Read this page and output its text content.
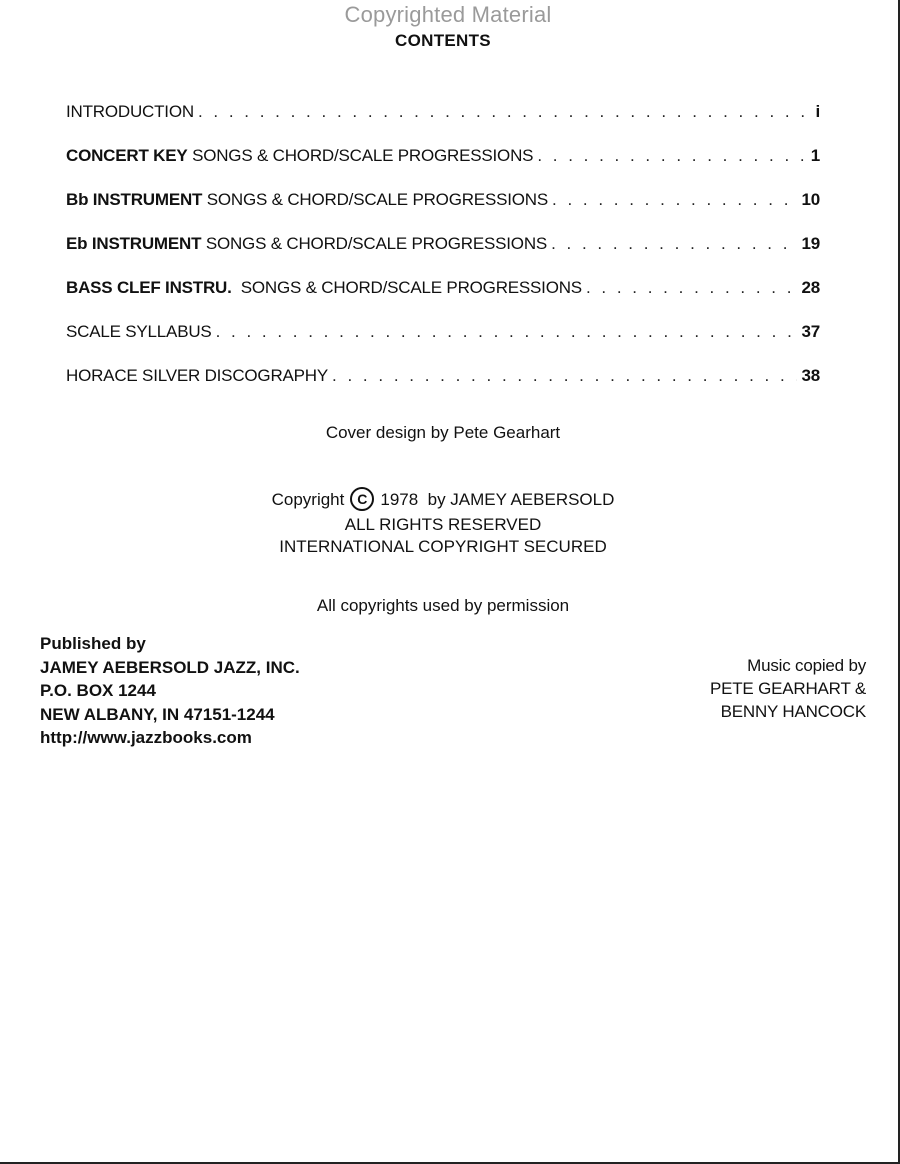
Copyrighted Material
CONTENTS
INTRODUCTION . . .	i
CONCERT KEY SONGS & CHORD/SCALE PROGRESSIONS . . .	1
Bb INSTRUMENT SONGS & CHORD/SCALE PROGRESSIONS . . .	10
Eb INSTRUMENT SONGS & CHORD/SCALE PROGRESSIONS . . .	19
BASS CLEF INSTRU.  SONGS & CHORD/SCALE PROGRESSIONS . . .	28
SCALE SYLLABUS . . .	37
HORACE SILVER DISCOGRAPHY . . .	38
Cover design by Pete Gearhart
Copyright C 1978  by JAMEY AEBERSOLD
ALL RIGHTS RESERVED
INTERNATIONAL COPYRIGHT SECURED
All copyrights used by permission
Published by
JAMEY AEBERSOLD JAZZ, INC.
P.O. BOX 1244
NEW ALBANY, IN 47151-1244
http://www.jazzbooks.com
Music copied by
PETE GEARHART &
BENNY HANCOCK
